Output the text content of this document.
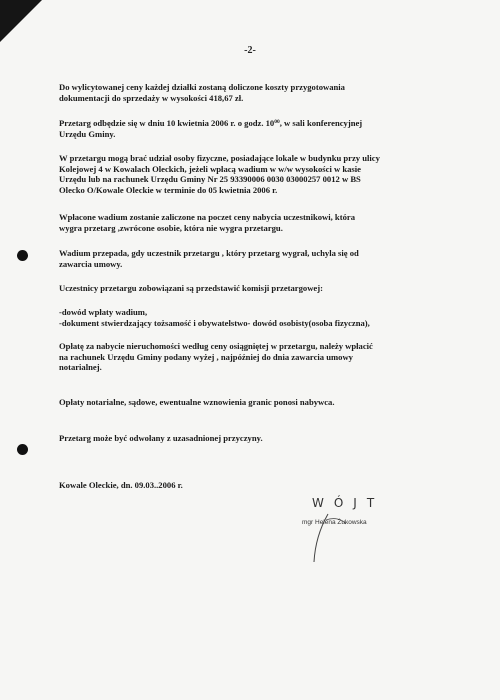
-2-
Do wylicytowanej ceny każdej działki zostaną doliczone koszty przygotowania
dokumentacji do sprzedaży w wysokości 418,67 zł.
Przetarg odbędzie się w dniu 10 kwietnia 2006 r. o godz. $10^{00}$, w sali konferencyjnej
Urzędu Gminy.
W przetargu mogą brać udział osoby fizyczne, posiadające lokale w budynku przy ulicy
Kolejowej 4 w Kowalach Oleckich, jeżeli wpłacą wadium w w/w wysokości w kasie
Urzędu lub na rachunek Urzędu Gminy Nr 25 93390006 0030 03000257 0012 w BS
Olecko O/Kowale Oleckie w terminie do 05 kwietnia 2006 r.
Wpłacone wadium zostanie zaliczone na poczet ceny nabycia uczestnikowi, która
wygra przetarg ,zwrócone osobie, która nie wygra przetargu.
Wadium przepada, gdy uczestnik przetargu , który przetarg wygrał, uchyla się od
zawarcia umowy.
Uczestnicy przetargu zobowiązani są przedstawić komisji przetargowej:
-dowód wpłaty wadium,
-dokument stwierdzający tożsamość i obywatelstwo- dowód osobisty(osoba fizyczna),
Opłatę za nabycie nieruchomości według ceny osiągniętej w przetargu, należy wpłacić
na rachunek Urzędu Gminy podany wyżej , najpóźniej do dnia zawarcia umowy
notarialnej.
Opłaty notarialne, sądowe, ewentualne wznowienia granic ponosi nabywca.
Przetarg może być odwołany z uzasadnionej przyczyny.
Kowale Oleckie, dn. 09.03..2006 r.
WÓJT
mgr Helena Żukowska
